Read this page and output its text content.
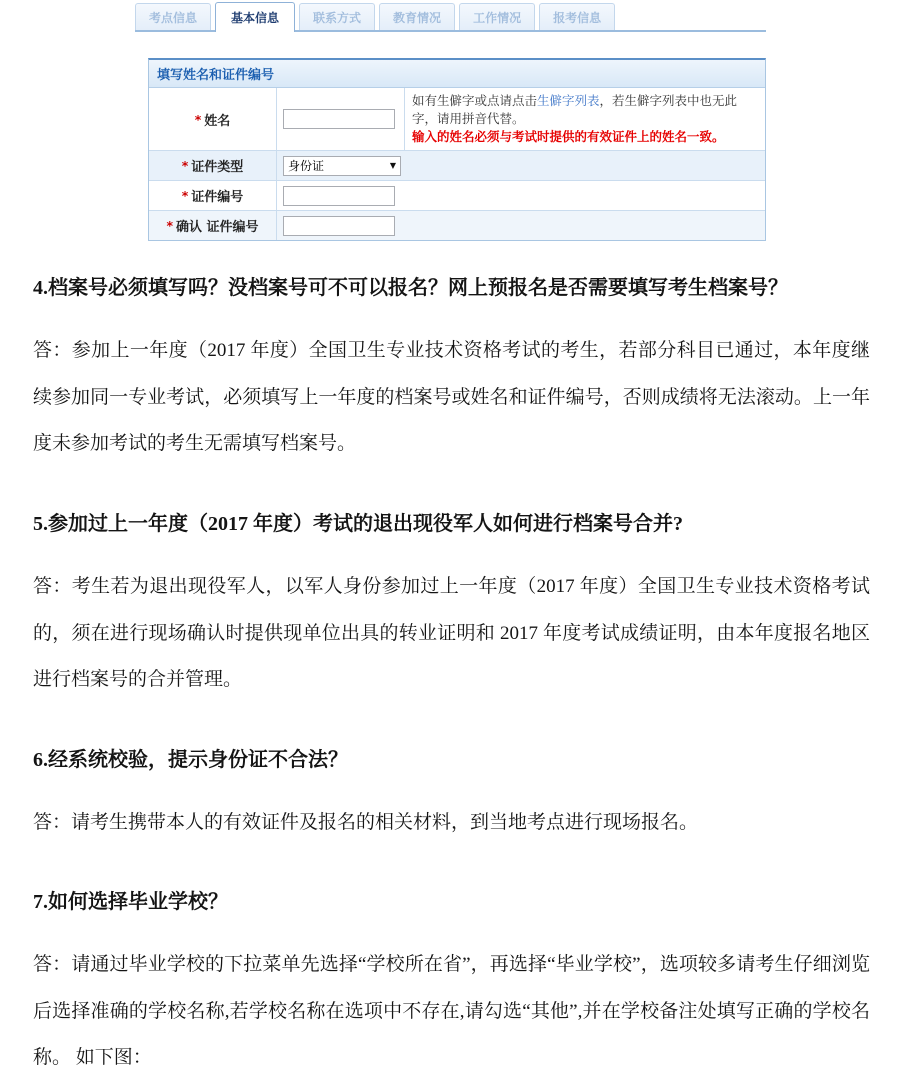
考点信息	基本信息	联系方式	教育情况	工作情况	报考信息
填写姓名和证件编号
* 姓名
如有生僻字或点请点击生僻字列表，若生僻字列表中也无此字，请用拼音代替。
输入的姓名必须与考试时提供的有效证件上的姓名一致。
* 证件类型	身份证	▼
* 证件编号
* 确认 证件编号
4.档案号必须填写吗？没档案号可不可以报名？网上预报名是否需要填写考生档案号？
答：参加上一年度（2017 年度）全国卫生专业技术资格考试的考生，若部分科目已通过，本年度继续参加同一专业考试，必须填写上一年度的档案号或姓名和证件编号，否则成绩将无法滚动。上一年度未参加考试的考生无需填写档案号。
5.参加过上一年度（2017 年度）考试的退出现役军人如何进行档案号合并?
答：考生若为退出现役军人，以军人身份参加过上一年度（2017 年度）全国卫生专业技术资格考试的，须在进行现场确认时提供现单位出具的转业证明和 2017 年度考试成绩证明，由本年度报名地区进行档案号的合并管理。
6.经系统校验，提示身份证不合法？
答：请考生携带本人的有效证件及报名的相关材料，到当地考点进行现场报名。
7.如何选择毕业学校？
答：请通过毕业学校的下拉菜单先选择“学校所在省”，再选择“毕业学校”，选项较多请考生仔细浏览后选择准确的学校名称,若学校名称在选项中不存在,请勾选“其他”,并在学校备注处填写正确的学校名称。 如下图：
